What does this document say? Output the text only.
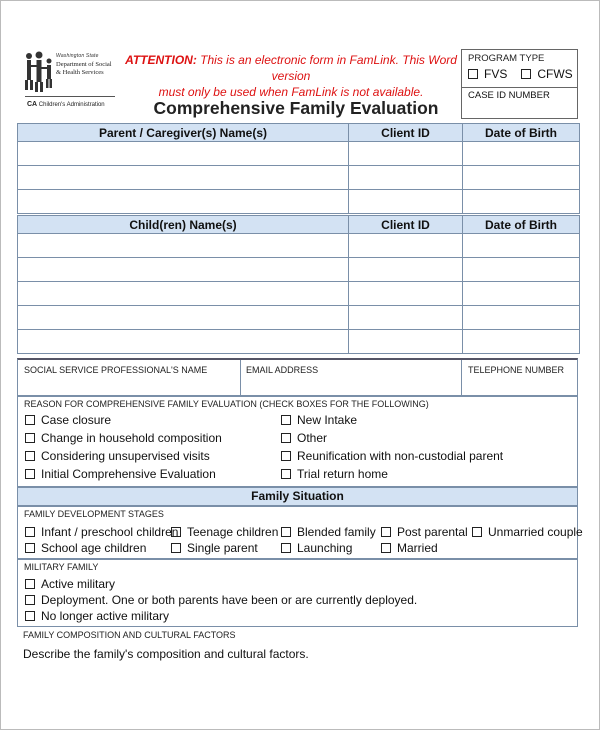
Washington State
Department of Social
& Health Services
CA Children's Administration
ATTENTION: This is an electronic form in FamLink. This Word version
must only be used when FamLink is not available.
Comprehensive Family Evaluation
PROGRAM TYPE
FVS	CFWS
CASE ID NUMBER
Parent / Caregiver(s) Name(s)	Client ID	Date of Birth

Child(ren) Name(s)	Client ID	Date of Birth

SOCIAL SERVICE PROFESSIONAL'S NAME	EMAIL ADDRESS	TELEPHONE NUMBER
REASON FOR COMPREHENSIVE FAMILY EVALUATION (CHECK BOXES FOR THE FOLLOWING)
Case closure
Change in household composition
Considering unsupervised visits
Initial Comprehensive Evaluation
New Intake
Other
Reunification with non-custodial parent
Trial return home
Family Situation
FAMILY DEVELOPMENT STAGES
Infant / preschool children Teenage children	Blended family	Post parental	Unmarried couple
School age children	Single parent	Launching	Married
MILITARY FAMILY
Active military
Deployment. One or both parents have been or are currently deployed.
No longer active military
FAMILY COMPOSITION AND CULTURAL FACTORS
Describe the family's composition and cultural factors.
